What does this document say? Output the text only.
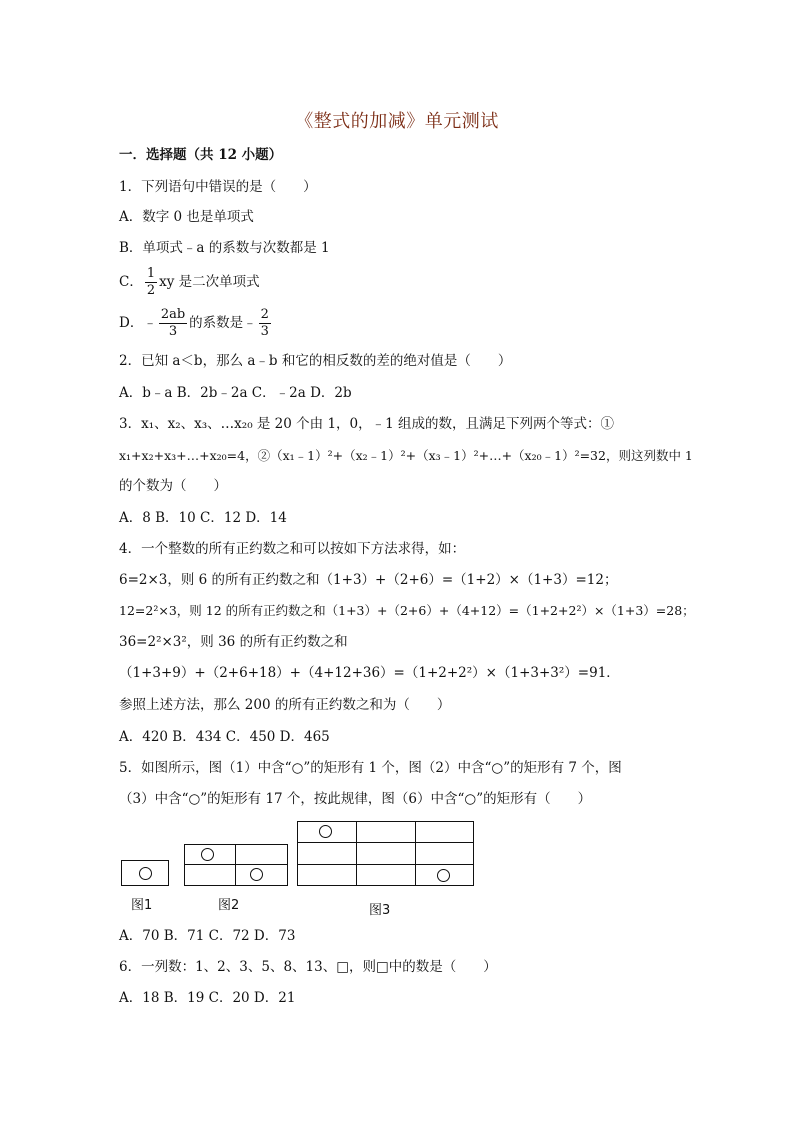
《整式的加减》单元测试
一．选择题（共 12 小题）
1．下列语句中错误的是（　　）
A．数字 0 也是单项式
B．单项式﹣a 的系数与次数都是 1
C． $\frac{1}{2}$ xy 是二次单项式
D．﹣ $\frac{2ab}{3}$ 的系数是﹣ $\frac{2}{3}$
2．已知 a＜b，那么 a﹣b 和它的相反数的差的绝对值是（　　）
A．b﹣a B．2b﹣2a C．﹣2a D．2b
3．x₁、x₂、x₃、…x₂₀ 是 20 个由 1，0，﹣1 组成的数，且满足下列两个等式：①
x₁+x₂+x₃+…+x₂₀=4，②（x₁﹣1）²+（x₂﹣1）²+（x₃﹣1）²+…+（x₂₀﹣1）²=32，则这列数中 1
的个数为（　　）
A．8 B．10 C．12 D．14
4．一个整数的所有正约数之和可以按如下方法求得，如：
6=2×3，则 6 的所有正约数之和（1+3）+（2+6）=（1+2）×（1+3）=12；
12=2²×3，则 12 的所有正约数之和（1+3）+（2+6）+（4+12）=（1+2+2²）×（1+3）=28；
36=2²×3²，则 36 的所有正约数之和
（1+3+9）+（2+6+18）+（4+12+36）=（1+2+2²）×（1+3+3²）=91．
参照上述方法，那么 200 的所有正约数之和为（　　）
A．420 B．434 C．450 D．465
5．如图所示，图（1）中含“○”的矩形有 1 个，图（2）中含“○”的矩形有 7 个，图
（3）中含“○”的矩形有 17 个，按此规律，图（6）中含“○”的矩形有（　　）
图1	图2	图3
A．70 B．71 C．72 D．73
6．一列数：1、2、3、5、8、13、□，则□中的数是（　　）
A．18 B．19 C．20 D．21
